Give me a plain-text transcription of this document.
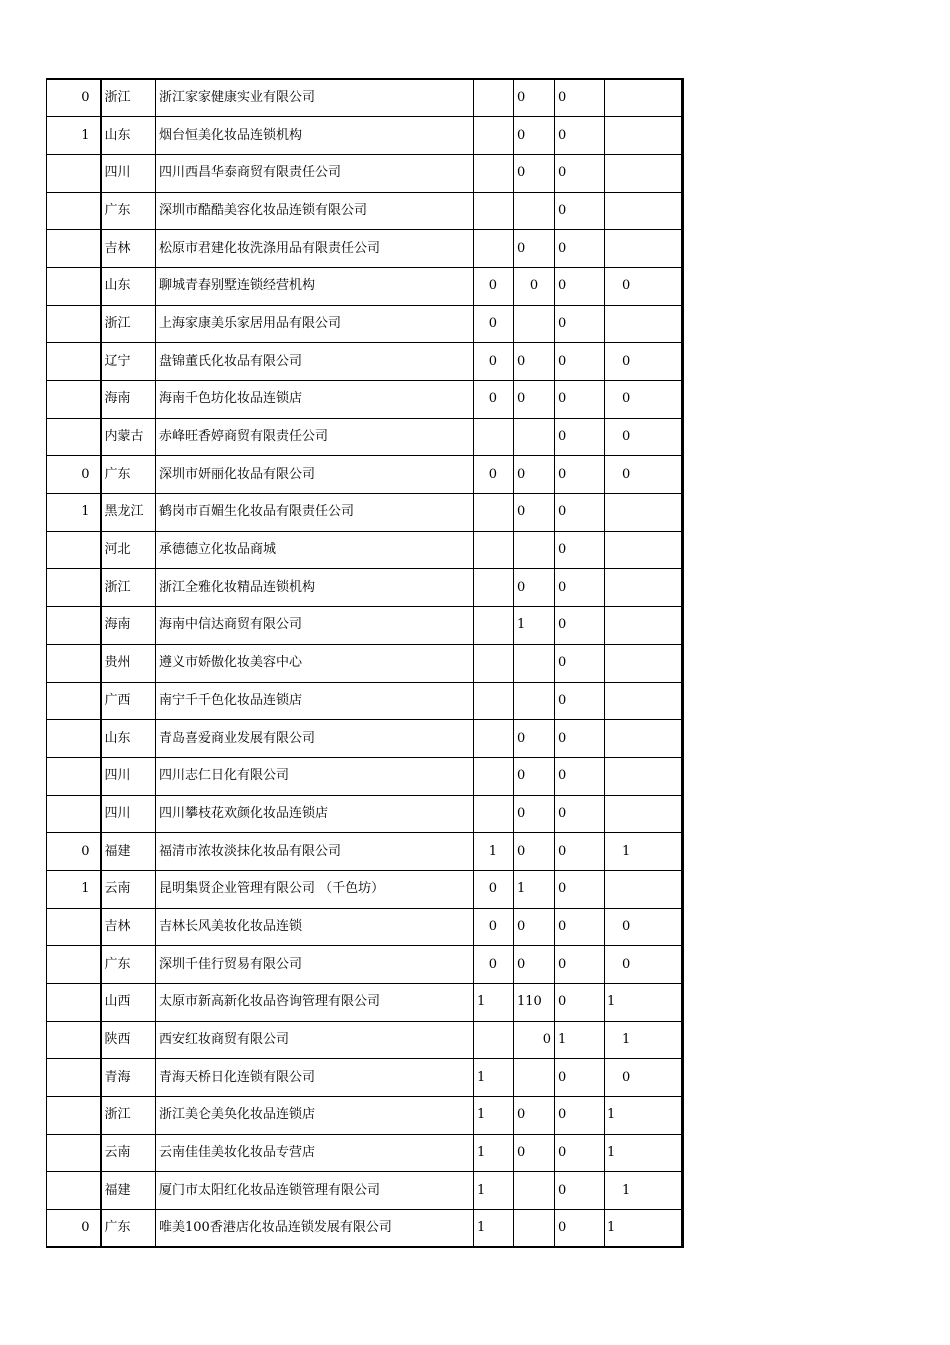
0	浙江	浙江家家健康实业有限公司		0	0	
1	山东	烟台恒美化妆品连锁机构		0	0	
	四川	四川西昌华泰商贸有限责任公司		0	0	
	广东	深圳市酷酷美容化妆品连锁有限公司			0	
	吉林	松原市君建化妆洗涤用品有限责任公司		0	0	
	山东	聊城青春别墅连锁经营机构	0	0	0	0
	浙江	上海家康美乐家居用品有限公司	0		0	
	辽宁	盘锦董氏化妆品有限公司	0	0	0	0
	海南	海南千色坊化妆品连锁店	0	0	0	0
	内蒙古	赤峰旺香婷商贸有限责任公司			0	0
0	广东	深圳市妍丽化妆品有限公司	0	0	0	0
1	黑龙江	鹤岗市百媚生化妆品有限责任公司		0	0	
	河北	承德德立化妆品商城			0	
	浙江	浙江全雅化妆精品连锁机构		0	0	
	海南	海南中信达商贸有限公司		1	0	
	贵州	遵义市娇傲化妆美容中心			0	
	广西	南宁千千色化妆品连锁店			0	
	山东	青岛喜爱商业发展有限公司		0	0	
	四川	四川志仁日化有限公司		0	0	
	四川	四川攀枝花欢颜化妆品连锁店		0	0	
0	福建	福清市浓妆淡抹化妆品有限公司	1	0	0	1
1	云南	昆明集贤企业管理有限公司 （千色坊）	0	1	0	
	吉林	吉林长风美妆化妆品连锁	0	0	0	0
	广东	深圳千佳行贸易有限公司	0	0	0	0
	山西	太原市新高新化妆品咨询管理有限公司	1	110	0	1
	陕西	西安红妆商贸有限公司		0	1	1
	青海	青海天桥日化连锁有限公司	1		0	0
	浙江	浙江美仑美奂化妆品连锁店	1	0	0	1
	云南	云南佳佳美妆化妆品专营店	1	0	0	1
	福建	厦门市太阳红化妆品连锁管理有限公司	1		0	1
0	广东	唯美100香港店化妆品连锁发展有限公司	1		0	1
